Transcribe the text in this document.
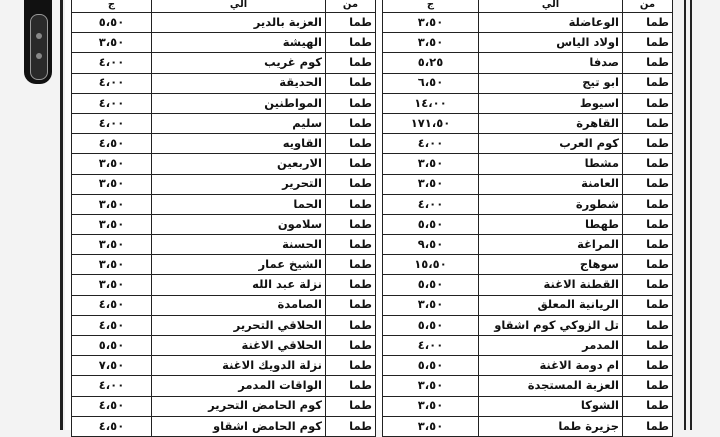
من	الي	ج
طما	الوعاضلة	٣،٥٠
طما	اولاد الياس	٣،٥٠
طما	صدفا	٥،٢٥
طما	ابو تيج	٦،٥٠
طما	اسيوط	١٤،٠٠
طما	القاهرة	١٧١،٥٠
طما	كوم العرب	٤،٠٠
طما	مشطا	٣،٥٠
طما	العامنة	٣،٥٠
طما	شطورة	٤،٠٠
طما	طهطا	٥،٥٠
طما	المراغة	٩،٥٠
طما	سوهاج	١٥،٥٠
طما	القطنة الاغنة	٥،٥٠
طما	الريانية المعلق	٣،٥٠
طما	تل الزوكي كوم اشقاو	٥،٥٠
طما	المدمر	٤،٠٠
طما	ام دومة الاغنة	٥،٥٠
طما	العزبة المستجدة	٣،٥٠
طما	الشوكا	٣،٥٠
طما	جزيرة طما	٣،٥٠
من	الي	ج
طما	العزبة بالدير	٥،٥٠
طما	الهيشة	٣،٥٠
طما	كوم غريب	٤،٠٠
طما	الحديقة	٤،٠٠
طما	المواطنين	٤،٠٠
طما	سليم	٤،٠٠
طما	القاويه	٤،٥٠
طما	الاربعين	٣،٥٠
طما	التحرير	٣،٥٠
طما	الحما	٣،٥٠
طما	سلامون	٣،٥٠
طما	الحسنة	٣،٥٠
طما	الشيخ عمار	٣،٥٠
طما	نزلة عبد الله	٣،٥٠
طما	الصامدة	٤،٥٠
طما	الحلاقي التحرير	٤،٥٠
طما	الحلاقي الاغنة	٥،٥٠
طما	نزلة الدويك الاغنة	٧،٥٠
طما	الواقات المدمر	٤،٠٠
طما	كوم الحامض التحرير	٤،٥٠
طما	كوم الحامض اشقاو	٤،٥٠
